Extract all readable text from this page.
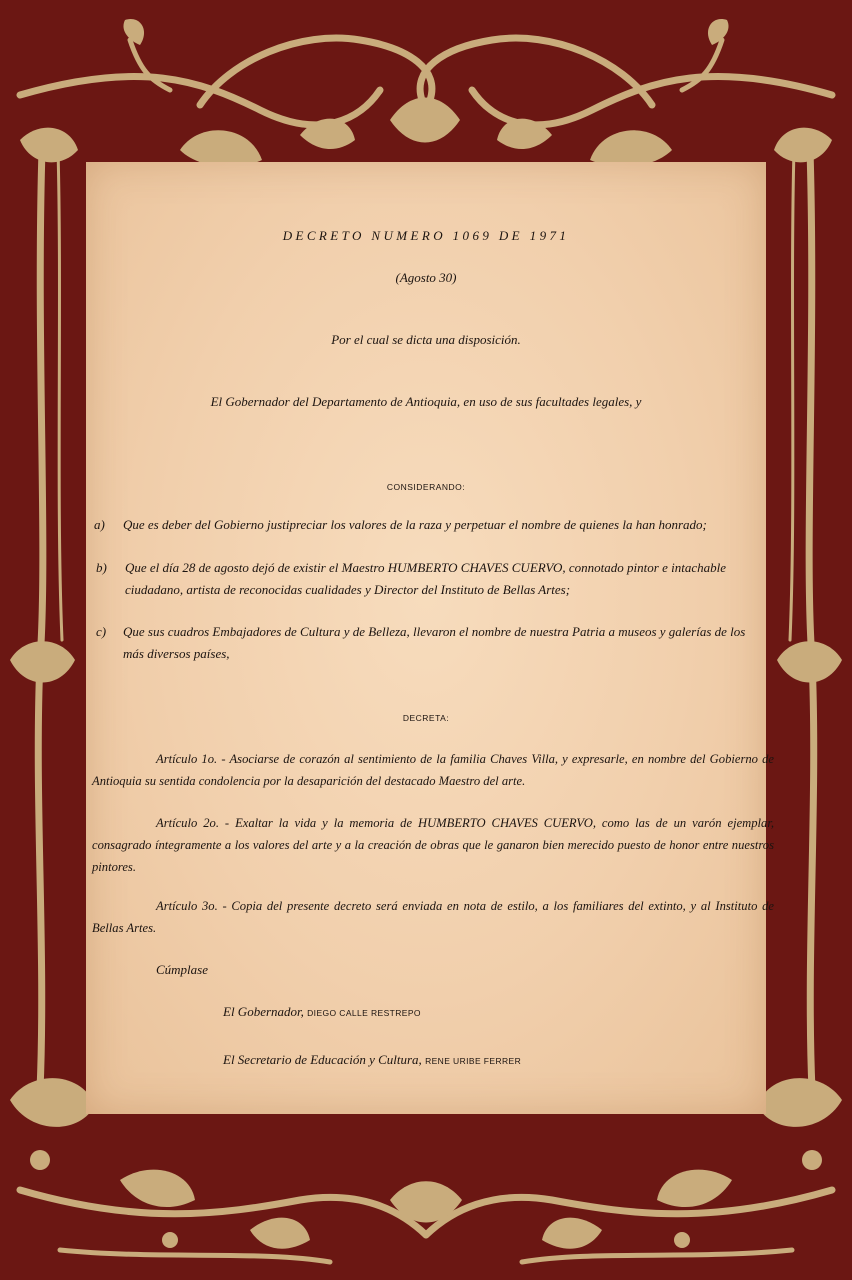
DECRETO NUMERO 1069 DE 1971
(Agosto 30)
Por el cual se dicta una disposición.
El Gobernador del Departamento de Antioquia, en uso de sus facultades legales, y
CONSIDERANDO:
a) Que es deber del Gobierno justipreciar los valores de la raza y perpetuar el nombre de quienes la han honrado;
b) Que el día 28 de agosto dejó de existir el Maestro HUMBERTO CHAVES CUERVO, connotado pintor e intachable
ciudadano, artista de reconocidas cualidades y Director del Instituto de Bellas Artes;
c) Que sus cuadros Embajadores de Cultura y de Belleza, llevaron el nombre de nuestra Patria a museos y galerías de los
más diversos países,
DECRETA:
Artículo 1o. - Asociarse de corazón al sentimiento de la familia Chaves Villa, y expresarle, en nombre del Gobierno de Antioquia su sentida condolencia por la desaparición del destacado Maestro del arte.
Artículo 2o. - Exaltar la vida y la memoria de HUMBERTO CHAVES CUERVO, como las de un varón ejemplar, consagrado íntegramente a los valores del arte y a la creación de obras que le ganaron bien merecido puesto de honor entre nuestros pintores.
Artículo 3o. - Copia del presente decreto será enviada en nota de estilo, a los familiares del extinto, y al Instituto de Bellas Artes.
Cúmplase
El Gobernador, DIEGO CALLE RESTREPO
El Secretario de Educación y Cultura, RENE URIBE FERRER
